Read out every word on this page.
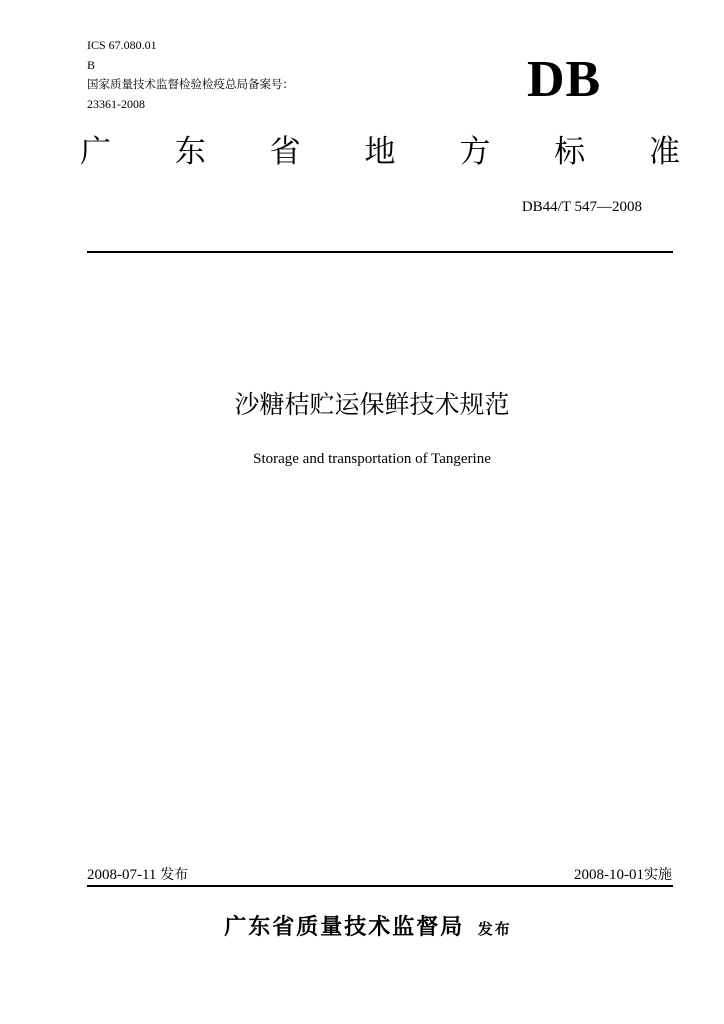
ICS 67.080.01
B
国家质量技术监督检验检疫总局备案号：
23361-2008	DB
广 东 省 地 方 标 准
DB44/T 547—2008
沙糖桔贮运保鲜技术规范
Storage and transportation of Tangerine
2008-07-11 发布	2008-10-01实施
广东省质量技术监督局 发布
